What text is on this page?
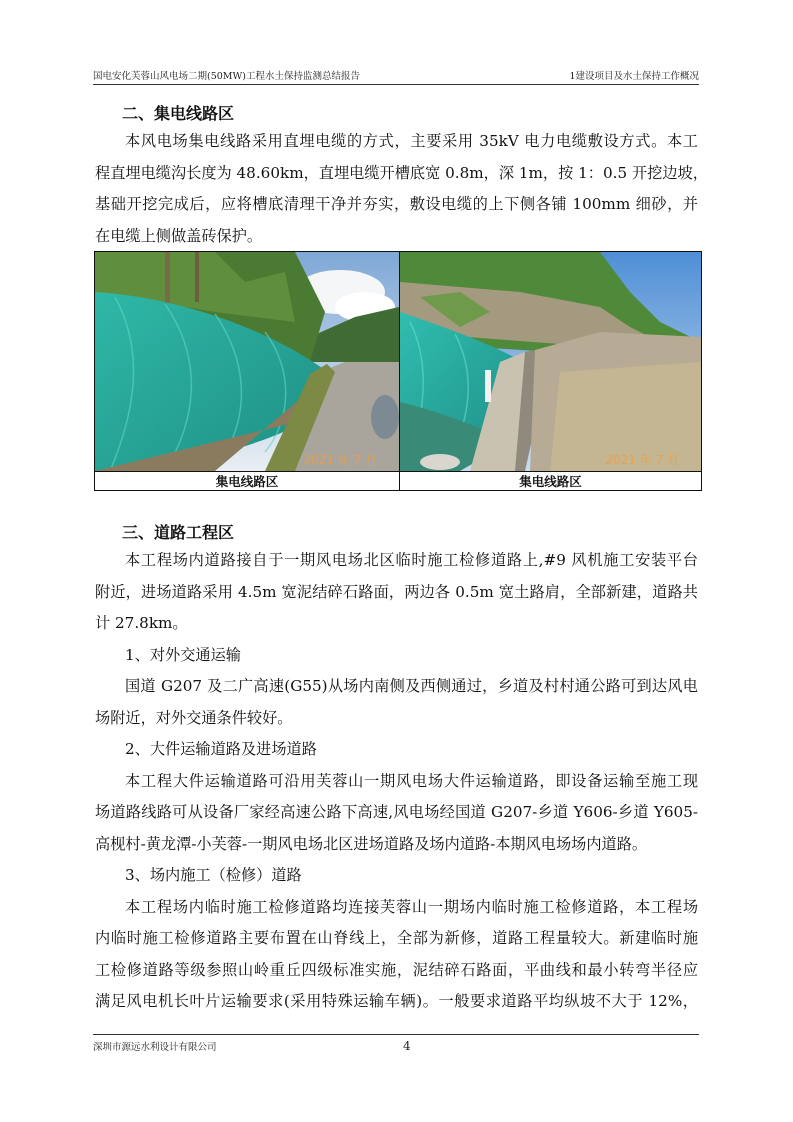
国电安化芙蓉山风电场二期(50MW)工程水土保持监测总结报告	1建设项目及水土保持工作概况
二、集电线路区
本风电场集电线路采用直埋电缆的方式，主要采用 35kV 电力电缆敷设方式。本工
程直埋电缆沟长度为 48.60km，直埋电缆开槽底宽 0.8m，深 1m，按 1：0.5 开挖边坡，
基础开挖完成后，应将槽底清理干净并夯实，敷设电缆的上下侧各铺 100mm 细砂，并
在电缆上侧做盖砖保护。
2021 年 7 月	2021 年 7 月
集电线路区	集电线路区
三、道路工程区
本工程场内道路接自于一期风电场北区临时施工检修道路上,#9 风机施工安装平台
附近，进场道路采用 4.5m 宽泥结碎石路面，两边各 0.5m 宽土路肩，全部新建，道路共
计 27.8km。
1、对外交通运输
国道 G207 及二广高速(G55)从场内南侧及西侧通过，乡道及村村通公路可到达风电
场附近，对外交通条件较好。
2、大件运输道路及进场道路
本工程大件运输道路可沿用芙蓉山一期风电场大件运输道路，即设备运输至施工现
场道路线路可从设备厂家经高速公路下高速,风电场经国道 G207-乡道 Y606-乡道 Y605-
高枧村-黄龙潭-小芙蓉-一期风电场北区进场道路及场内道路-本期风电场场内道路。
3、场内施工（检修）道路
本工程场内临时施工检修道路均连接芙蓉山一期场内临时施工检修道路，本工程场
内临时施工检修道路主要布置在山脊线上，全部为新修，道路工程量较大。新建临时施
工检修道路等级参照山岭重丘四级标准实施，泥结碎石路面，平曲线和最小转弯半径应
满足风电机长叶片运输要求(采用特殊运输车辆)。一般要求道路平均纵坡不大于 12%，
深圳市源远水利设计有限公司	4
